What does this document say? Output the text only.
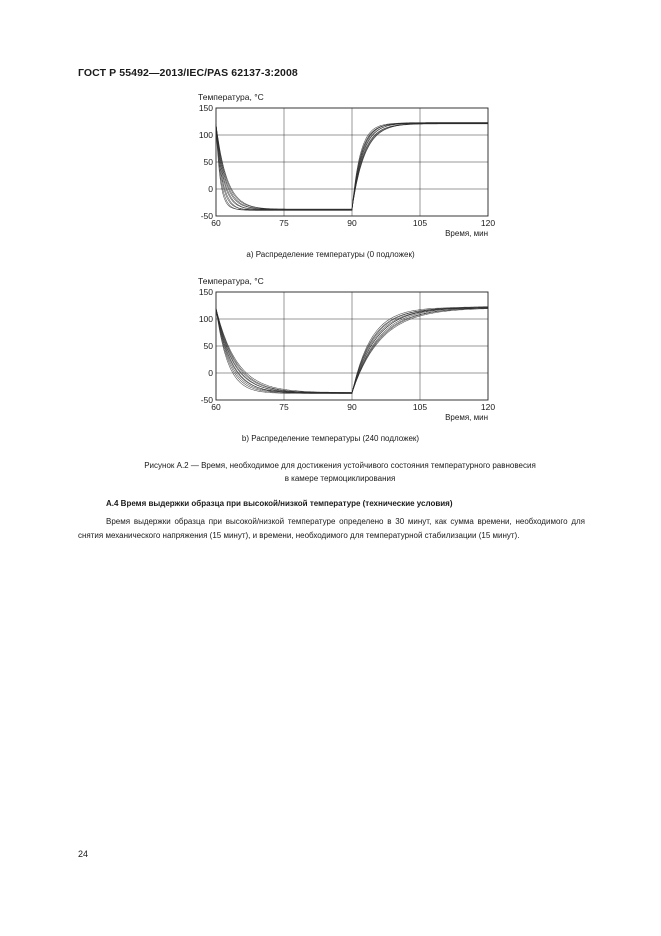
ГОСТ Р 55492—2013/IEC/PAS 62137-3:2008
Температура, °С
150
100
50
0
-50
60	75	90	105	120
Время, мин
а) Распределение температуры (0 подложек)
Температура, °С
150
100
50
0
-50
60	75	90	105	120
Время, мин
b) Распределение температуры (240 подложек)
Рисунок А.2 — Время, необходимое для достижения устойчивого состояния температурного равновесия
в камере термоциклирования
А.4 Время выдержки образца при высокой/низкой температуре (технические условия)
Время выдержки образца при высокой/низкой температуре определено в 30 минут, как сумма времени, необходимого для снятия механического напряжения (15 минут), и времени, необходимого для температурной стабилизации (15 минут).
24
